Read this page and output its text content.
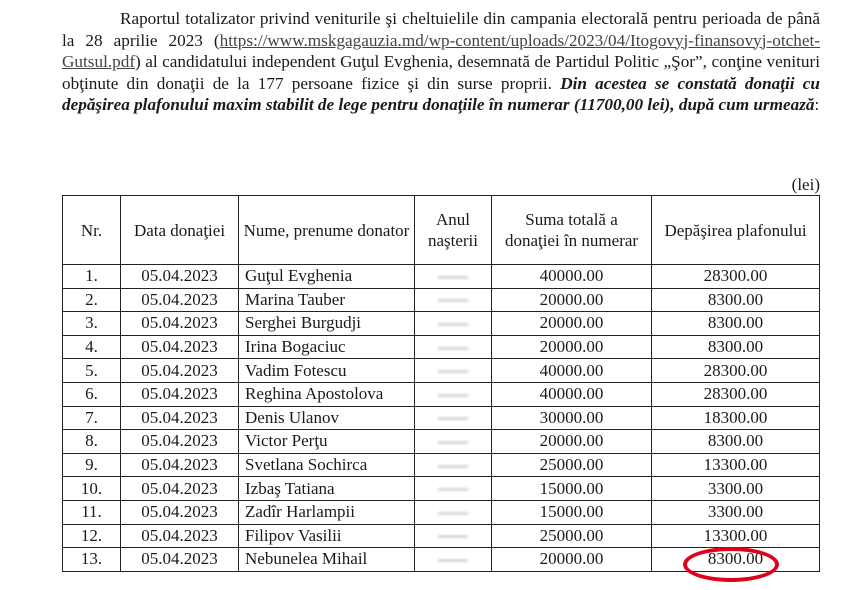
Raportul totalizator privind veniturile şi cheltuielile din campania electorală pentru perioada de până la 28 aprilie 2023 (https://www.mskgagauzia.md/wp-content/uploads/2023/04/Itogovyj-finansovyj-otchet-Gutsul.pdf) al candidatului independent Guţul Evghenia, desemnată de Partidul Politic „Şor”, conţine venituri obţinute din donaţii de la 177 persoane fizice şi din surse proprii. Din acestea se constată donaţii cu depăşirea plafonului maxim stabilit de lege pentru donaţiile în numerar (11700,00 lei), după cum urmează:
(lei)
Nr.	Data donaţiei	Nume, prenume donator	Anul naşterii	Suma totală a donaţiei în numerar	Depăşirea plafonului
1.	05.04.2023	Guţul Evghenia		40000.00	28300.00
2.	05.04.2023	Marina Tauber		20000.00	8300.00
3.	05.04.2023	Serghei Burgudji		20000.00	8300.00
4.	05.04.2023	Irina Bogaciuc		20000.00	8300.00
5.	05.04.2023	Vadim Fotescu		40000.00	28300.00
6.	05.04.2023	Reghina Apostolova		40000.00	28300.00
7.	05.04.2023	Denis Ulanov		30000.00	18300.00
8.	05.04.2023	Victor Perţu		20000.00	8300.00
9.	05.04.2023	Svetlana Sochirca		25000.00	13300.00
10.	05.04.2023	Izbaş Tatiana		15000.00	3300.00
11.	05.04.2023	Zadîr Harlampii		15000.00	3300.00
12.	05.04.2023	Filipov Vasilii		25000.00	13300.00
13.	05.04.2023	Nebunelea Mihail		20000.00	8300.00
